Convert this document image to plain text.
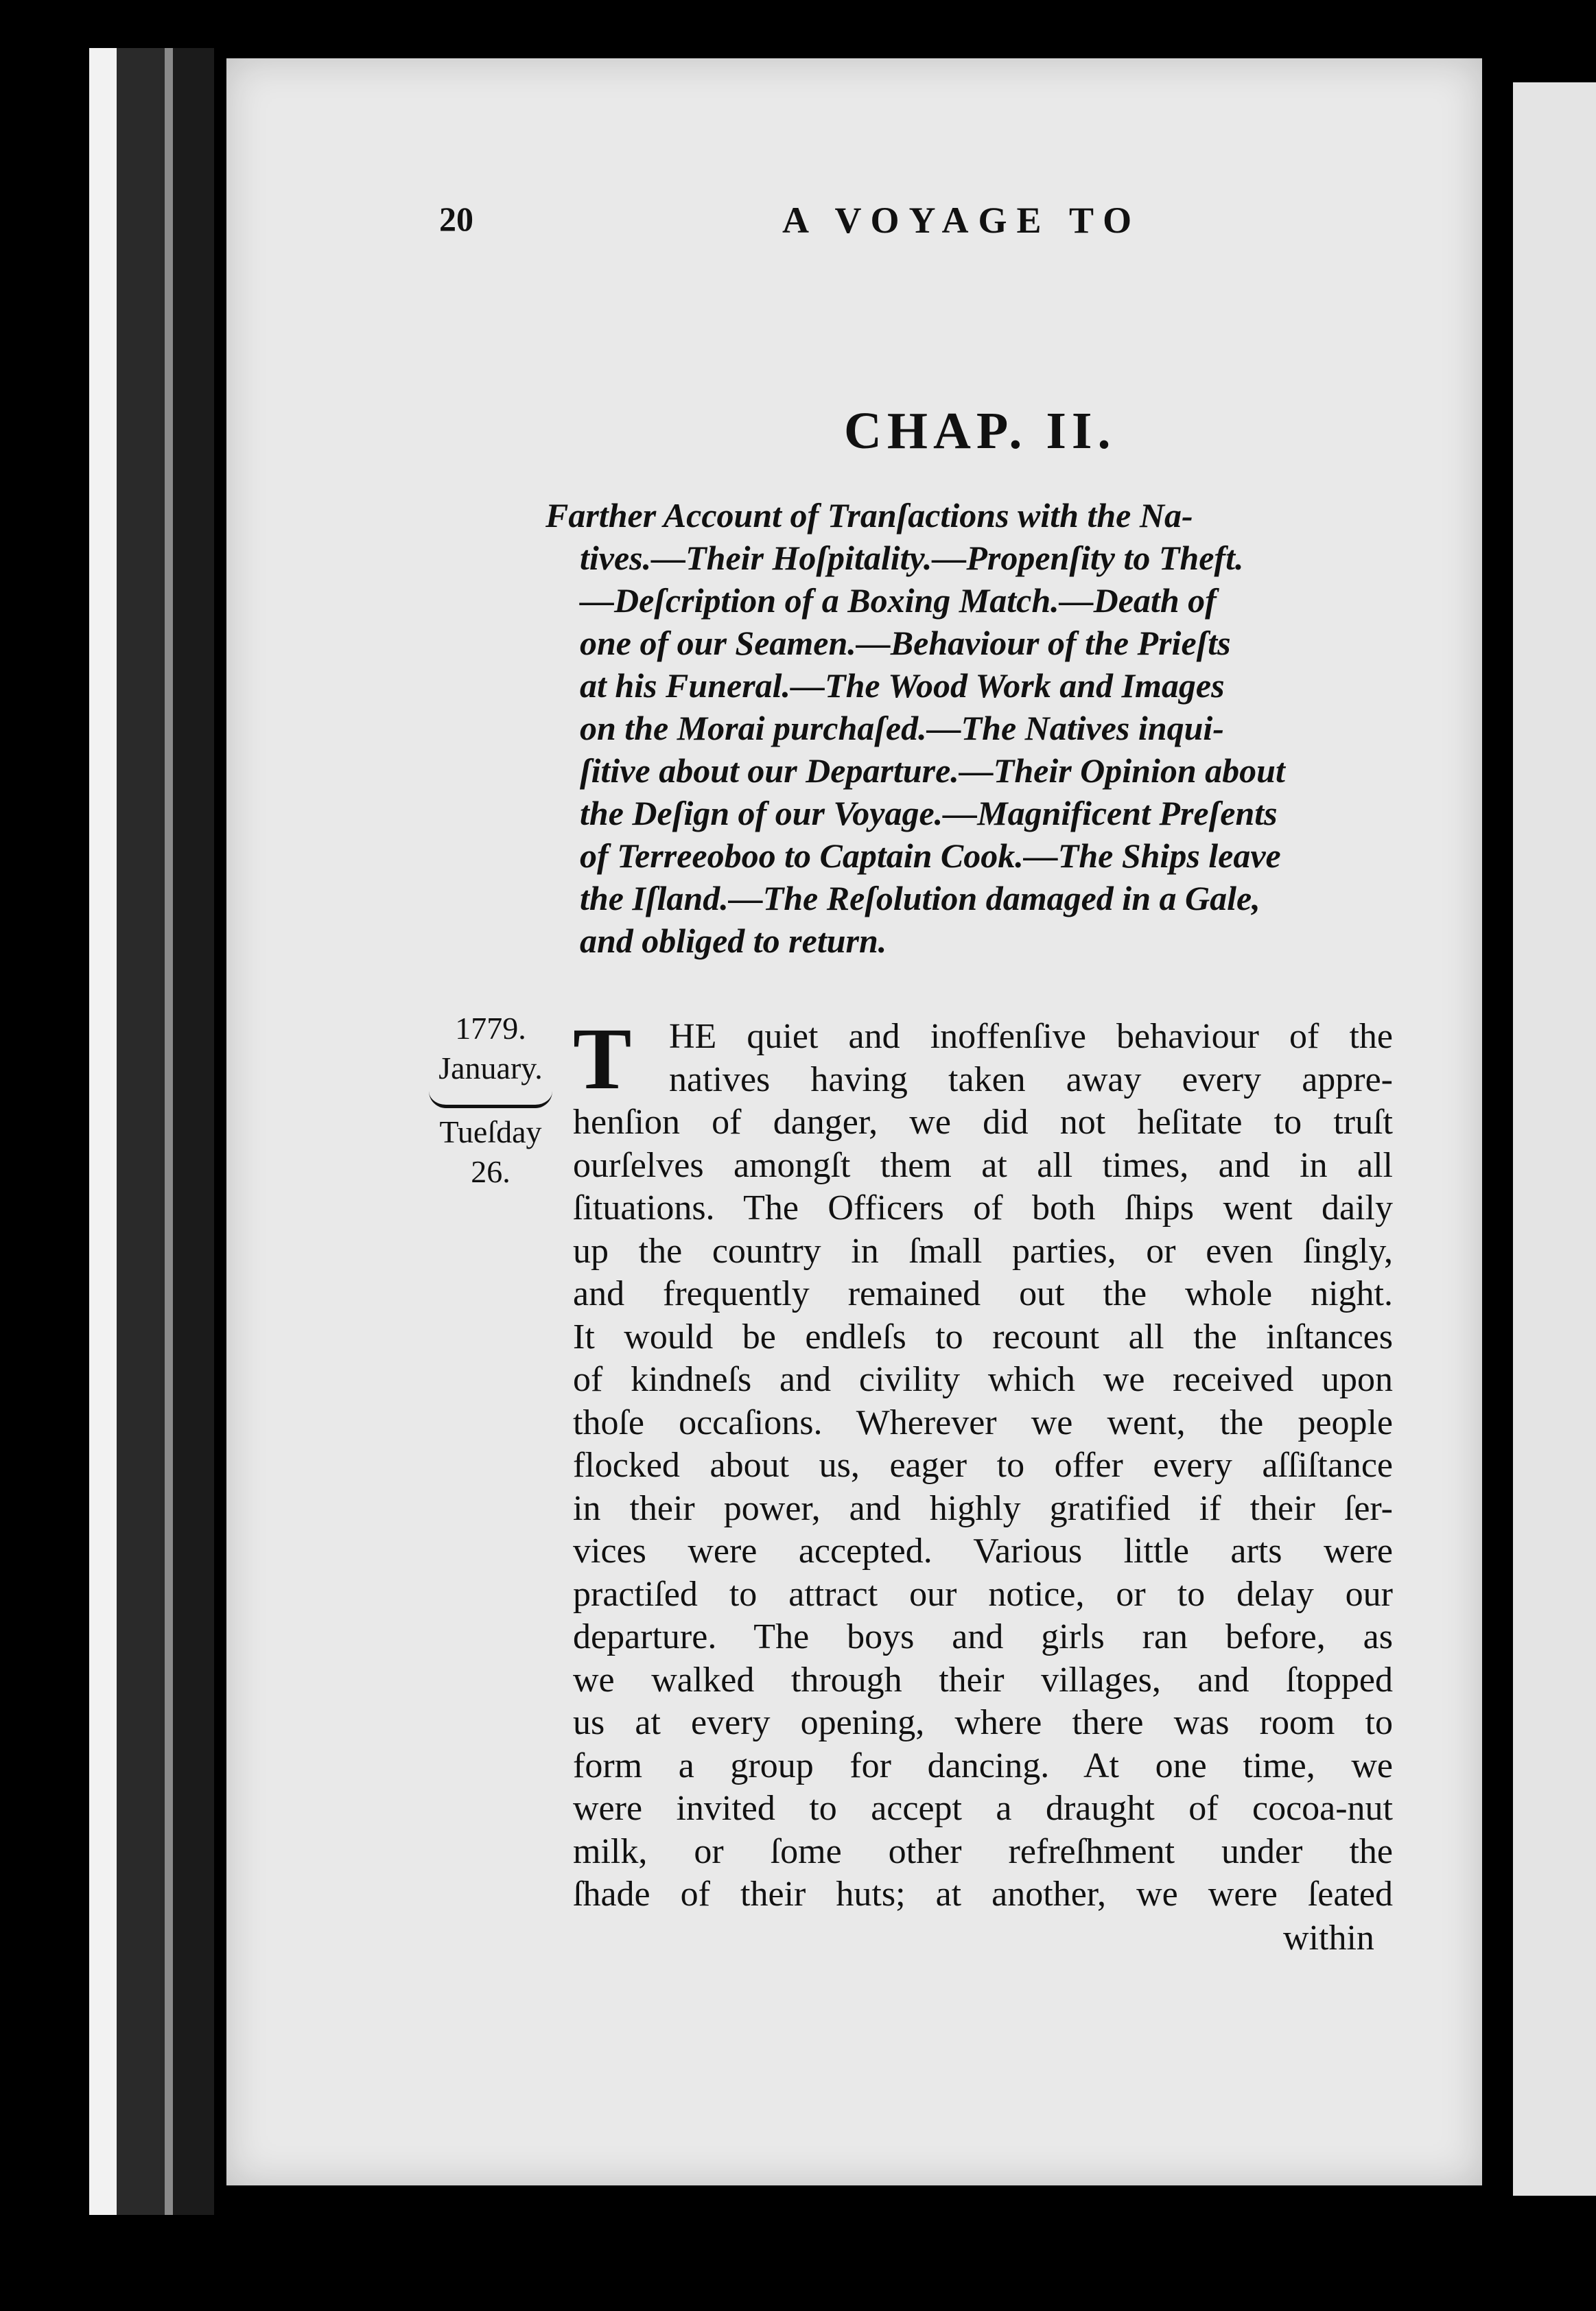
20	A VOYAGE TO
CHAP. II.
Farther Account of Tranſactions with the Na-
tives.—Their Hoſpitality.—Propenſity to Theft.
—Deſcription of a Boxing Match.—Death of
one of our Seamen.—Behaviour of the Prieſts
at his Funeral.—The Wood Work and Images
on the Morai purchaſed.—The Natives inqui-
ſitive about our Departure.—Their Opinion about
the Deſign of our Voyage.—Magnificent Preſents
of Terreeoboo to Captain Cook.—The Ships leave
the Iſland.—The Reſolution damaged in a Gale,
and obliged to return.
1779.
January.
Tueſday
26.
T	HE quiet and inoffenſive behaviour of the
natives having taken away every appre-
henſion of danger, we did not heſitate to truſt
ourſelves amongſt them at all times, and in all
ſituations. The Officers of both ſhips went daily
up the country in ſmall parties, or even ſingly,
and frequently remained out the whole night.
It would be endleſs to recount all the inſtances
of kindneſs and civility which we received upon
thoſe occaſions. Wherever we went, the people
flocked about us, eager to offer every aſſiſtance
in their power, and highly gratified if their ſer-
vices were accepted. Various little arts were
practiſed to attract our notice, or to delay our
departure. The boys and girls ran before, as
we walked through their villages, and ſtopped
us at every opening, where there was room to
form a group for dancing. At one time, we
were invited to accept a draught of cocoa-nut
milk, or ſome other refreſhment under the
ſhade of their huts; at another, we were ſeated
within
